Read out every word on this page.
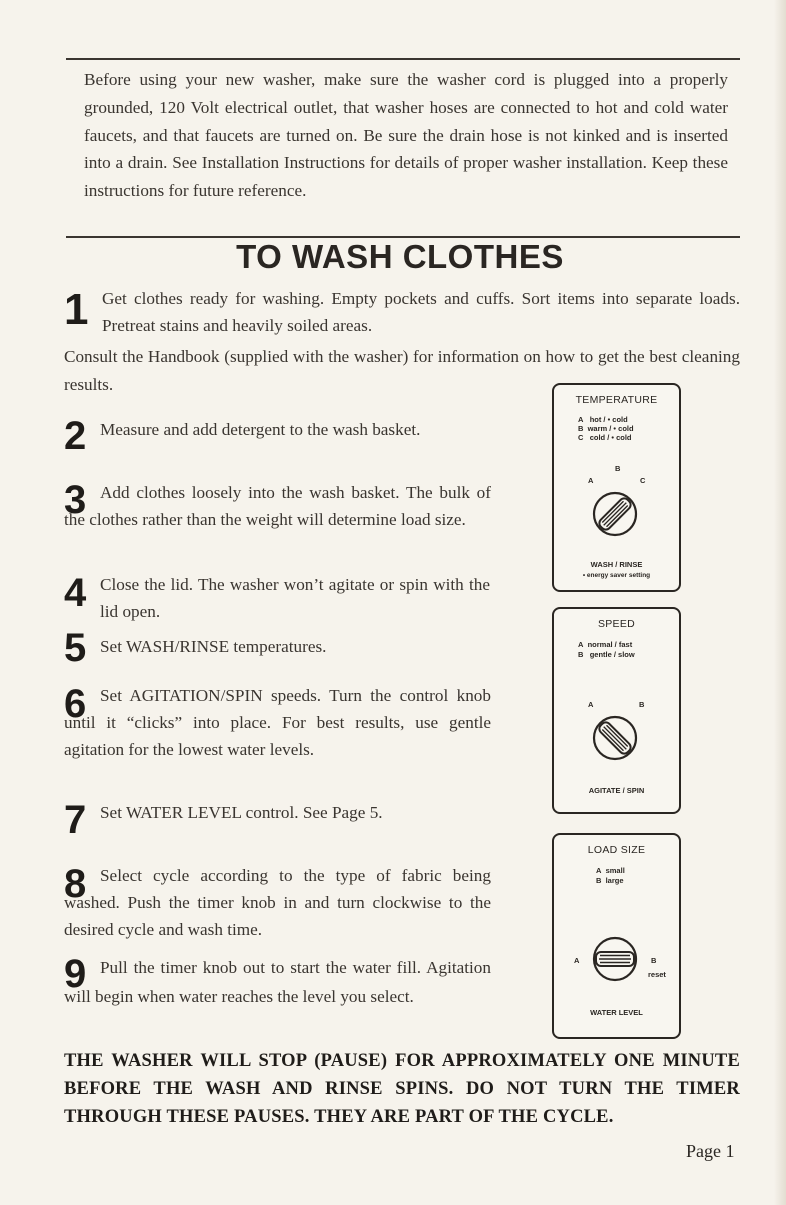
Before using your new washer, make sure the washer cord is plugged into a properly grounded, 120 Volt electrical outlet, that washer hoses are connected to hot and cold water faucets, and that faucets are turned on. Be sure the drain hose is not kinked and is inserted into a drain. See Installation Instructions for details of proper washer installation. Keep these instructions for future reference.
TO WASH CLOTHES
1 Get clothes ready for washing. Empty pockets and cuffs. Sort items into separate loads. Pretreat stains and heavily soiled areas.
Consult the Handbook (supplied with the washer) for information on how to get the best cleaning results.
2 Measure and add detergent to the wash basket.
3 Add clothes loosely into the wash basket. The bulk of the clothes rather than the weight will determine load size.
4 Close the lid. The washer won’t agitate or spin with the lid open.
5 Set WASH/RINSE temperatures.
6 Set AGITATION/SPIN speeds. Turn the control knob until it “clicks” into place. For best results, use gentle agitation for the lowest water levels.
7 Set WATER LEVEL control. See Page 5.
8 Select cycle according to the type of fabric being washed. Push the timer knob in and turn clockwise to the desired cycle and wash time.
9 Pull the timer knob out to start the water fill. Agitation will begin when water reaches the level you select.
THE WASHER WILL STOP (PAUSE) FOR APPROXIMATELY ONE MINUTE BEFORE THE WASH AND RINSE SPINS. DO NOT TURN THE TIMER THROUGH THESE PAUSES. THEY ARE PART OF THE CYCLE.
Page 1
TEMPERATURE
A hot / • cold
B warm / • cold
C cold / • cold
A
B
C
WASH / RINSE
• energy saver setting
SPEED
A normal / fast
B gentle / slow
A	B
AGITATE / SPIN
LOAD SIZE
A small
B large
A	B
reset
WATER LEVEL
